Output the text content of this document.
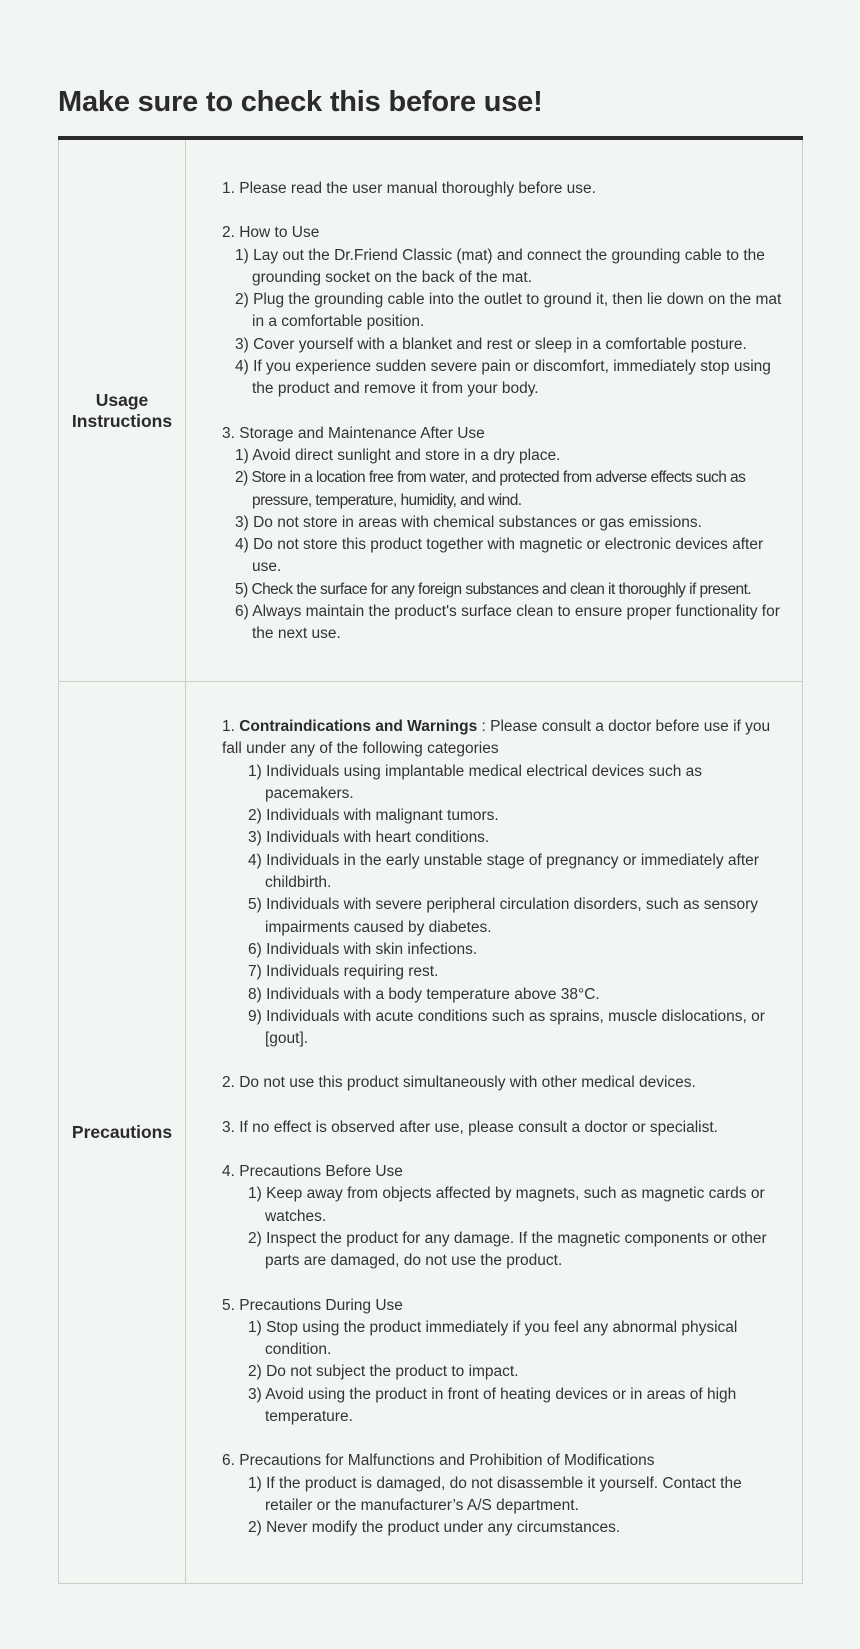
Make sure to check this before use!
Usage
Instructions

1. Please read the user manual thoroughly before use.

2. How to Use

1) Lay out the Dr.Friend Classic (mat) and connect the grounding cable to the grounding socket on the back of the mat.
2) Plug the grounding cable into the outlet to ground it, then lie down on the mat in a comfortable position.
3) Cover yourself with a blanket and rest or sleep in a comfortable posture.
4) If you experience sudden severe pain or discomfort, immediately stop using the product and remove it from your body.

3. Storage and Maintenance After Use

1) Avoid direct sunlight and store in a dry place.
2) Store in a location free from water, and protected from adverse effects such as pressure, temperature, humidity, and wind.
3) Do not store in areas with chemical substances or gas emissions.
4) Do not store this product together with magnetic or electronic devices after use.
5) Check the surface for any foreign substances and clean it thoroughly if present.
6) Always maintain the product's surface clean to ensure proper functionality for the next use.
Precautions

1. Contraindications and Warnings : Please consult a doctor before use if you fall under any of the following categories

1) Individuals using implantable medical electrical devices such as pacemakers.
2) Individuals with malignant tumors.
3) Individuals with heart conditions.
4) Individuals in the early unstable stage of pregnancy or immediately after childbirth.
5) Individuals with severe peripheral circulation disorders, such as sensory impairments caused by diabetes.
6) Individuals with skin infections.
7) Individuals requiring rest.
8) Individuals with a body temperature above 38°C.
9) Individuals with acute conditions such as sprains, muscle dislocations, or [gout].

2. Do not use this product simultaneously with other medical devices.

3. If no effect is observed after use, please consult a doctor or specialist.

4. Precautions Before Use

1) Keep away from objects affected by magnets, such as magnetic cards or watches.
2) Inspect the product for any damage. If the magnetic components or other parts are damaged, do not use the product.

5. Precautions During Use

1) Stop using the product immediately if you feel any abnormal physical condition.
2) Do not subject the product to impact.
3) Avoid using the product in front of heating devices or in areas of high temperature.

6. Precautions for Malfunctions and Prohibition of Modifications

1) If the product is damaged, do not disassemble it yourself. Contact the retailer or the manufacturer’s A/S department.
2) Never modify the product under any circumstances.
